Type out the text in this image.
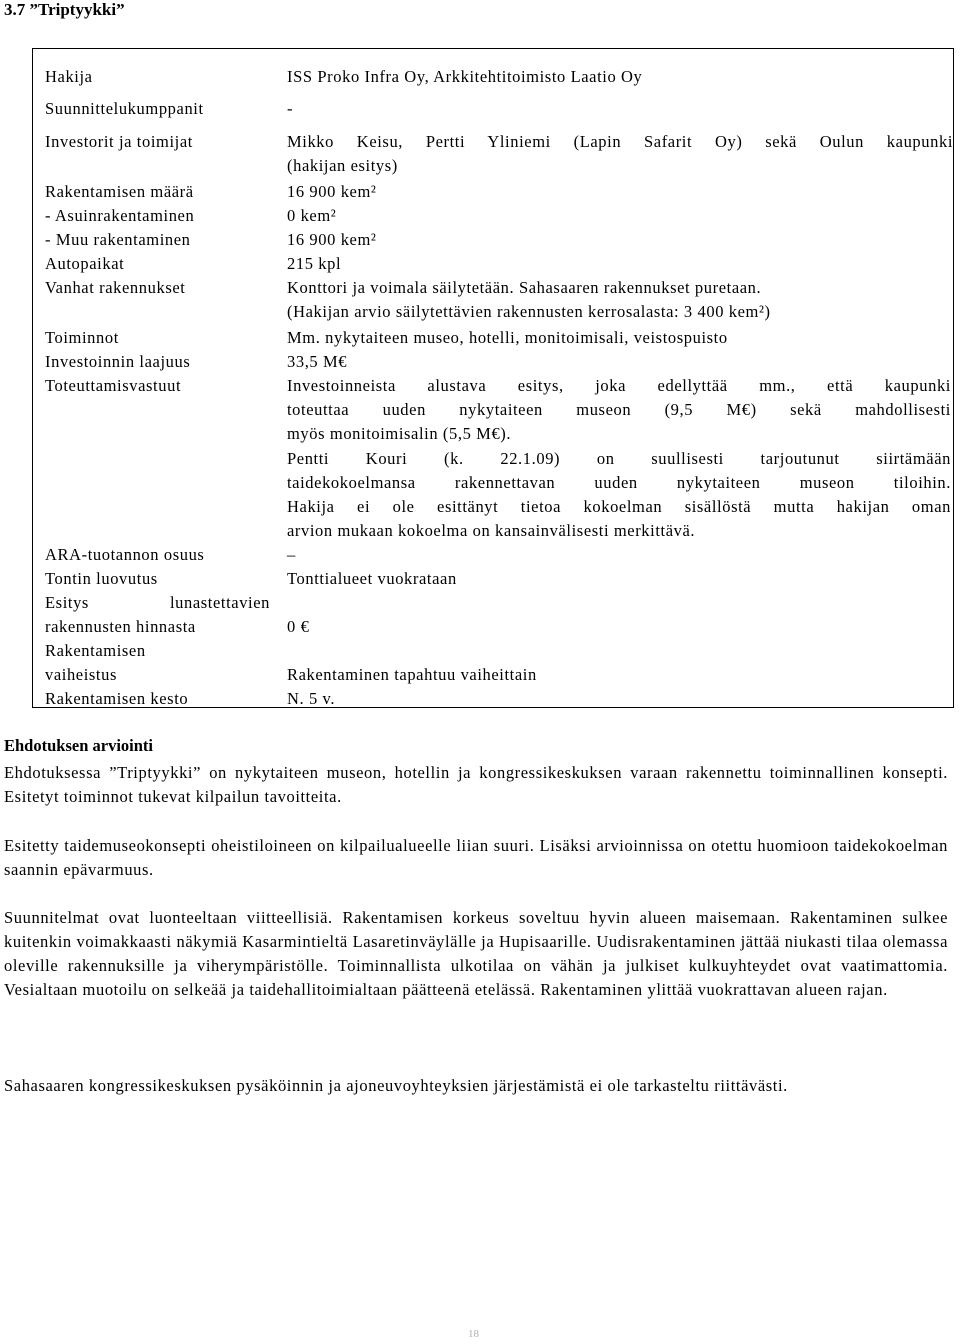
3.7 ”Triptyykki”
Hakija	ISS Proko Infra Oy, Arkkitehtitoimisto Laatio Oy
Suunnittelukumppanit	-
Investorit ja toimijat	Mikko Keisu, Pertti Yliniemi (Lapin Safarit Oy) sekä Oulun kaupunki
(hakijan esitys)
Rakentamisen määrä	16 900 kem²
- Asuinrakentaminen	0 kem²
- Muu rakentaminen	16 900 kem²
Autopaikat	215 kpl
Vanhat rakennukset	Konttori ja voimala säilytetään. Sahasaaren rakennukset puretaan.
(Hakijan arvio säilytettävien rakennusten kerrosalasta: 3 400 kem²)
Toiminnot	Mm. nykytaiteen museo, hotelli, monitoimisali, veistospuisto
Investoinnin laajuus	33,5 M€
Toteuttamisvastuut	Investoinneista alustava esitys, joka edellyttää mm., että kaupunki
toteuttaa uuden nykytaiteen museon (9,5 M€) sekä mahdollisesti
myös monitoimisalin (5,5 M€).
Pentti Kouri (k. 22.1.09) on suullisesti tarjoutunut siirtämään
taidekokoelmansa rakennettavan uuden nykytaiteen museon tiloihin.
Hakija ei ole esittänyt tietoa kokoelman sisällöstä mutta hakijan oman
arvion mukaan kokoelma on kansainvälisesti merkittävä.
ARA-tuotannon osuus	–
Tontin luovutus	Tonttialueet vuokrataan
Esitys lunastettavien
rakennusten hinnasta	0 €
Rakentamisen
vaiheistus	Rakentaminen tapahtuu vaiheittain
Rakentamisen kesto	N. 5 v.
Ehdotuksen arviointi
Ehdotuksessa ”Triptyykki” on nykytaiteen museon, hotellin ja kongressikeskuksen varaan rakennettu toiminnallinen konsepti. Esitetyt toiminnot tukevat kilpailun tavoitteita.
Esitetty taidemuseokonsepti oheistiloineen on kilpailualueelle liian suuri. Lisäksi arvioinnissa on otettu huomioon taidekokoelman saannin epävarmuus.
Suunnitelmat ovat luonteeltaan viitteellisiä. Rakentamisen korkeus soveltuu hyvin alueen maisemaan. Rakentaminen sulkee kuitenkin voimakkaasti näkymiä Kasarmintieltä Lasaretinväylälle ja Hupisaarille. Uudisrakentaminen jättää niukasti tilaa olemassa oleville rakennuksille ja viherympäristölle. Toiminnallista ulkotilaa on vähän ja julkiset kulkuyhteydet ovat vaatimattomia. Vesialtaan muotoilu on selkeää ja taidehallitoimialtaan päätteenä etelässä. Rakentaminen ylittää vuokrattavan alueen rajan.
Sahasaaren kongressikeskuksen pysäköinnin ja ajoneuvoyhteyksien järjestämistä ei ole tarkasteltu riittävästi.
18
